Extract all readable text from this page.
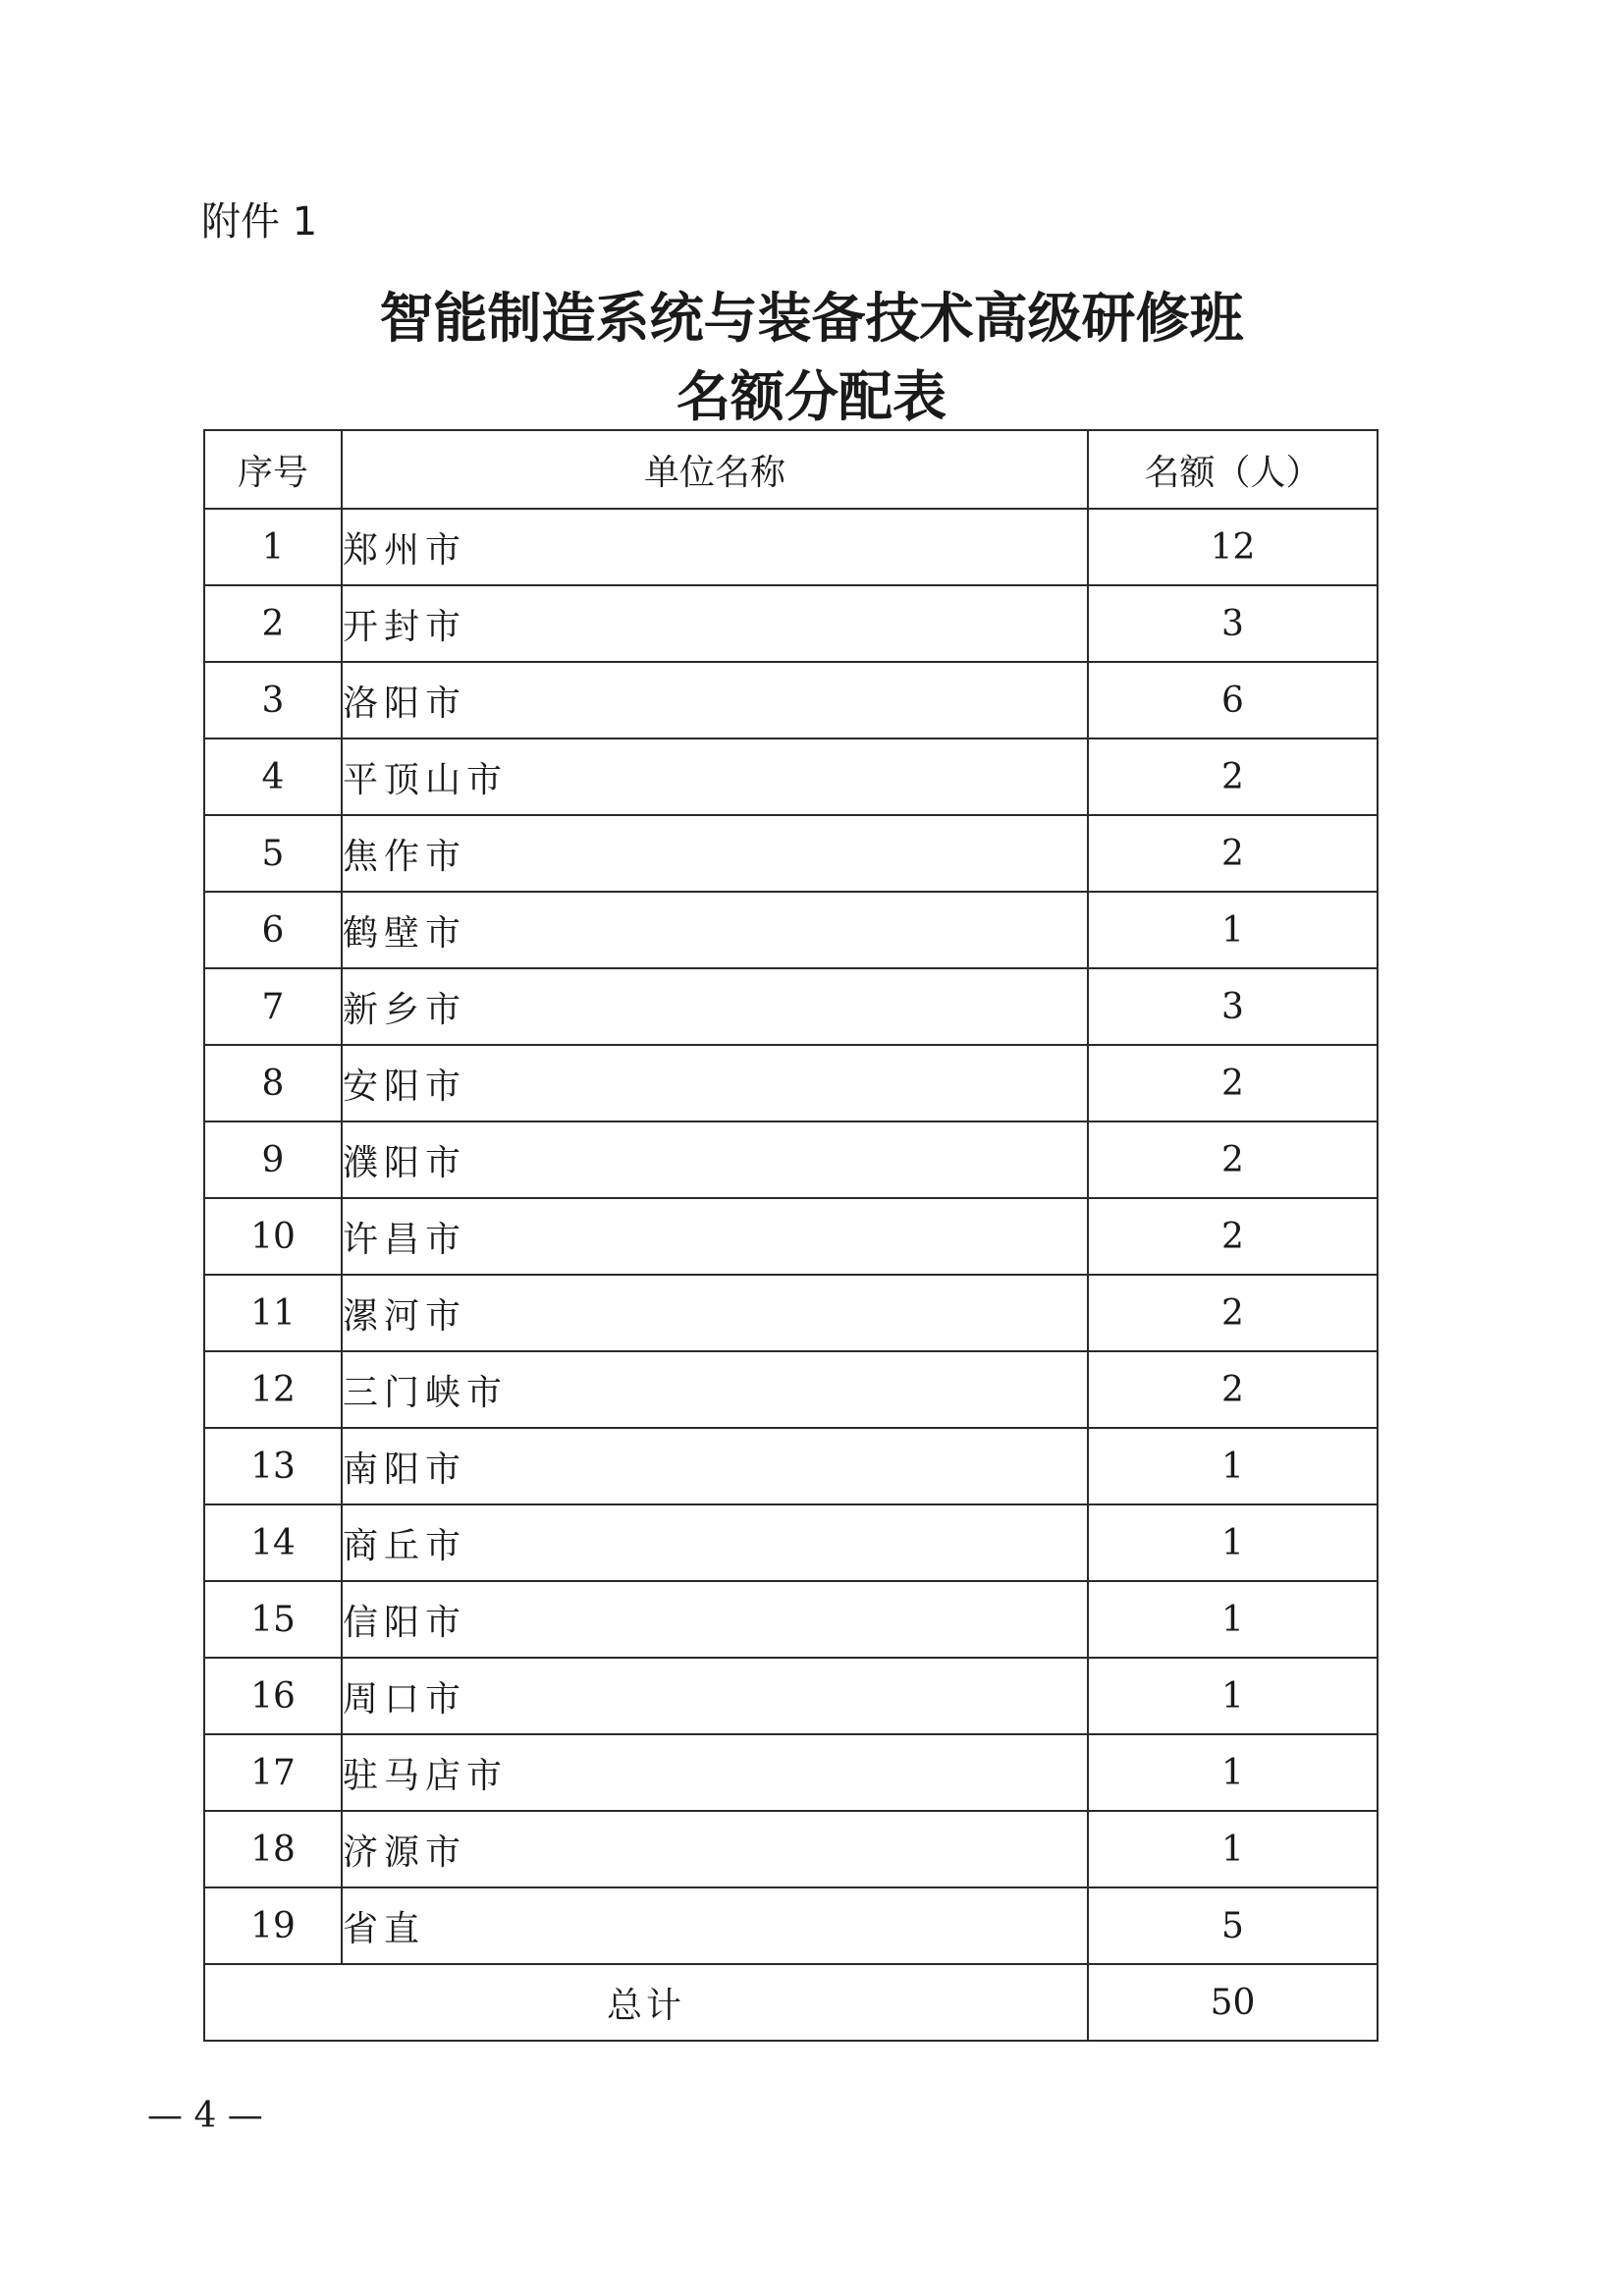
附件 1
智能制造系统与装备技术高级研修班
名额分配表
序号	单位名称	名额（人）
1	郑州市	12
2	开封市	3
3	洛阳市	6
4	平顶山市	2
5	焦作市	2
6	鹤壁市	1
7	新乡市	3
8	安阳市	2
9	濮阳市	2
10	许昌市	2
11	漯河市	2
12	三门峡市	2
13	南阳市	1
14	商丘市	1
15	信阳市	1
16	周口市	1
17	驻马店市	1
18	济源市	1
19	省直	5
总计		50
— 4 —
